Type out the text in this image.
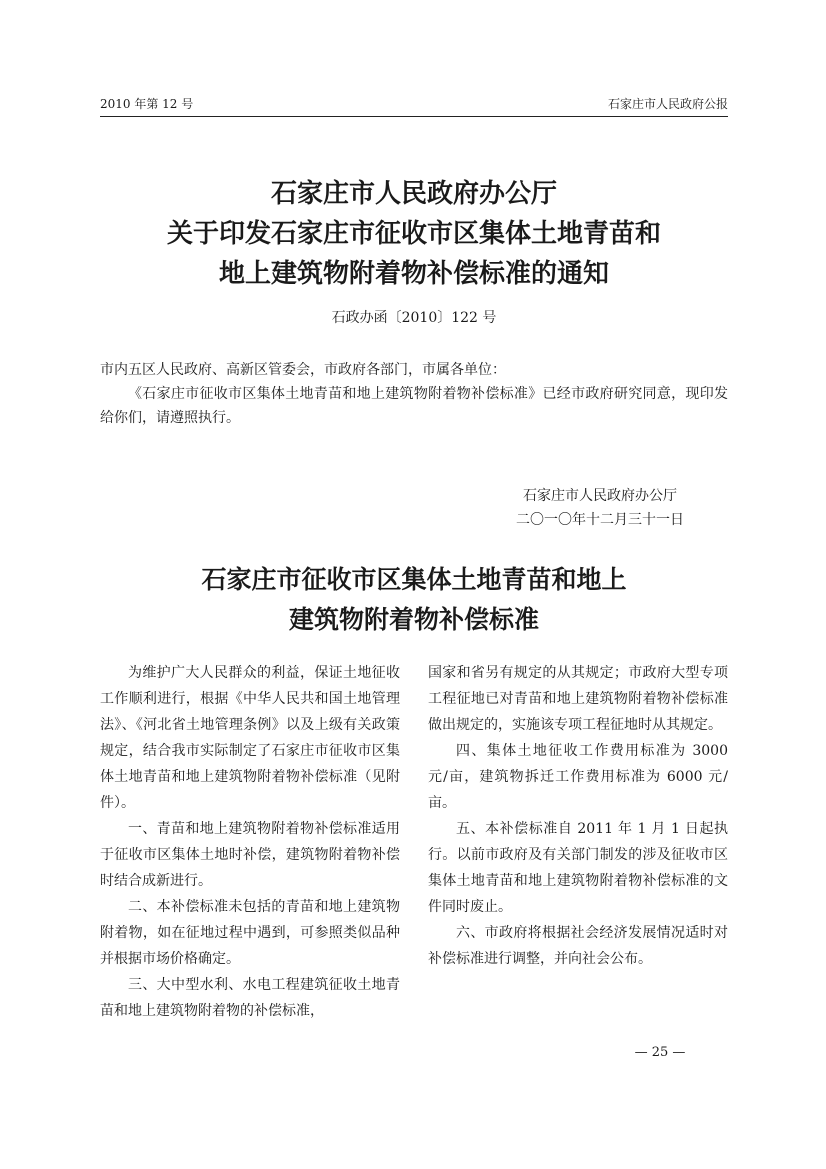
2010 年第 12 号	石家庄市人民政府公报
石家庄市人民政府办公厅
关于印发石家庄市征收市区集体土地青苗和
地上建筑物附着物补偿标准的通知
石政办函〔2010〕122 号

市内五区人民政府、高新区管委会，市政府各部门，市属各单位：

《石家庄市征收市区集体土地青苗和地上建筑物附着物补偿标准》已经市政府研究同意，现印发给你们，请遵照执行。

石家庄市人民政府办公厅
二〇一〇年十二月三十一日
石家庄市征收市区集体土地青苗和地上
建筑物附着物补偿标准

为维护广大人民群众的利益，保证土地征收工作顺利进行，根据《中华人民共和国土地管理法》、《河北省土地管理条例》以及上级有关政策规定，结合我市实际制定了石家庄市征收市区集体土地青苗和地上建筑物附着物补偿标准（见附件）。

一、青苗和地上建筑物附着物补偿标准适用于征收市区集体土地时补偿，建筑物附着物补偿时结合成新进行。

二、本补偿标准未包括的青苗和地上建筑物附着物，如在征地过程中遇到，可参照类似品种并根据市场价格确定。

三、大中型水利、水电工程建筑征收土地青苗和地上建筑物附着物的补偿标准，

国家和省另有规定的从其规定；市政府大型专项工程征地已对青苗和地上建筑物附着物补偿标准做出规定的，实施该专项工程征地时从其规定。

四、集体土地征收工作费用标准为 3000 元/亩，建筑物拆迁工作费用标准为 6000 元/亩。

五、本补偿标准自 2011 年 1 月 1 日起执行。以前市政府及有关部门制发的涉及征收市区集体土地青苗和地上建筑物附着物补偿标准的文件同时废止。

六、市政府将根据社会经济发展情况适时对补偿标准进行调整，并向社会公布。

— 25 —
